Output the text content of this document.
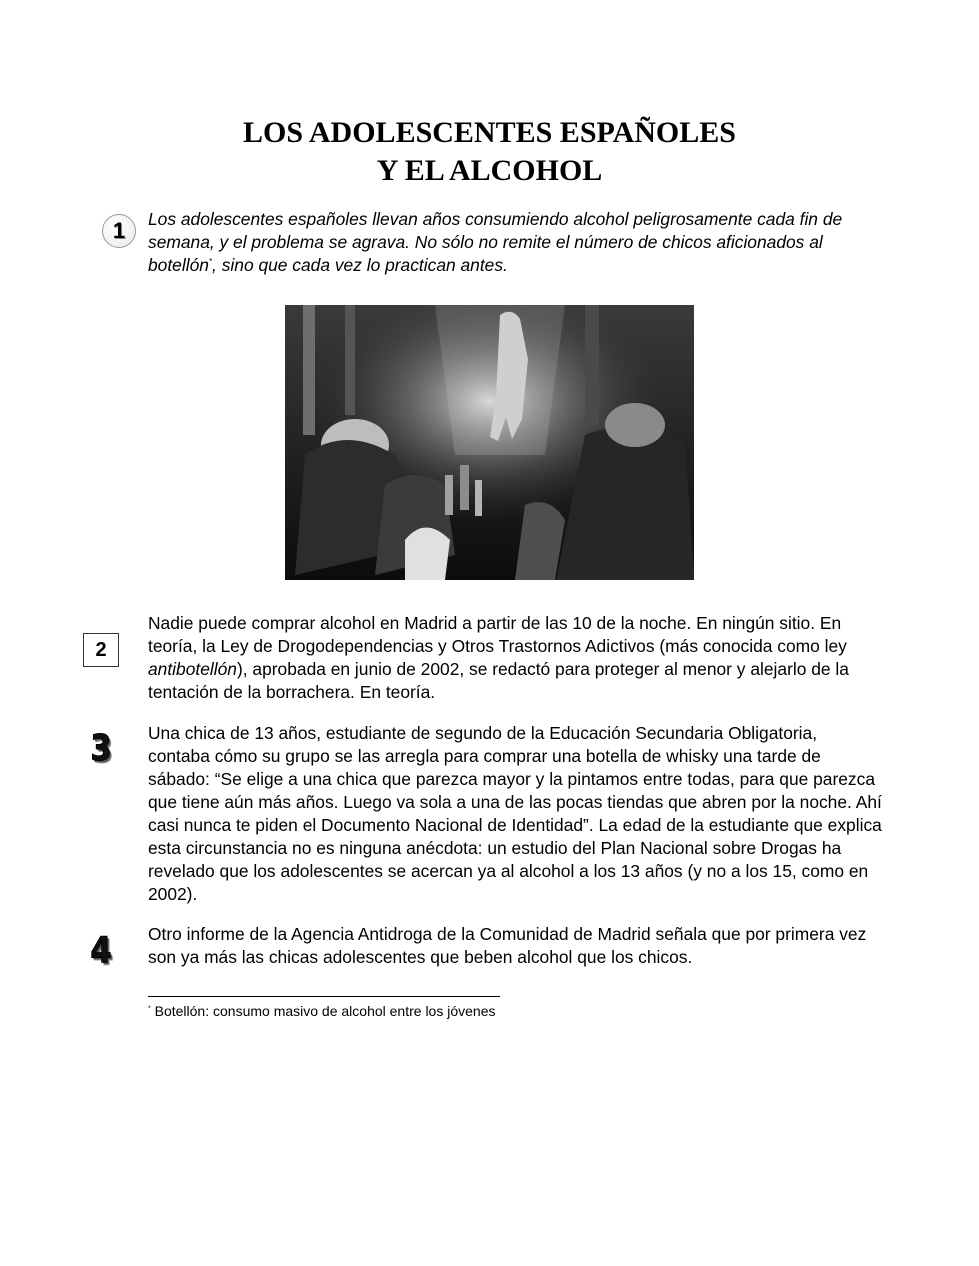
LOS ADOLESCENTES ESPAÑOLES
Y EL ALCOHOL
1	Los adolescentes españoles llevan años consumiendo alcohol peligrosamente cada fin de semana, y el problema se agrava. No sólo no remite el número de chicos aficionados al botellón*, sino que cada vez lo practican antes.

2

Nadie puede comprar alcohol en Madrid a partir de las 10 de la noche. En ningún sitio. En teoría, la Ley de Drogodependencias y Otros Trastornos Adictivos (más conocida como ley antibotellón), aprobada en junio de 2002, se redactó para proteger al menor y alejarlo de la tentación de la borrachera. En teoría.

3 Una chica de 13 años, estudiante de segundo de la Educación Secundaria Obligatoria, contaba cómo su grupo se las arregla para comprar una botella de whisky una tarde de sábado: “Se elige a una chica que parezca mayor y la pintamos entre todas, para que parezca que tiene aún más años. Luego va sola a una de las pocas tiendas que abren por la noche. Ahí casi nunca te piden el Documento Nacional de Identidad”. La edad de la estudiante que explica esta circunstancia no es ninguna anécdota: un estudio del Plan Nacional sobre Drogas ha revelado que los adolescentes se acercan ya al alcohol a los 13 años (y no a los 15, como en 2002).

4 Otro informe de la Agencia Antidroga de la Comunidad de Madrid señala que por primera vez son ya más las chicas adolescentes que beben alcohol que los chicos.

* Botellón: consumo masivo de alcohol entre los jóvenes
